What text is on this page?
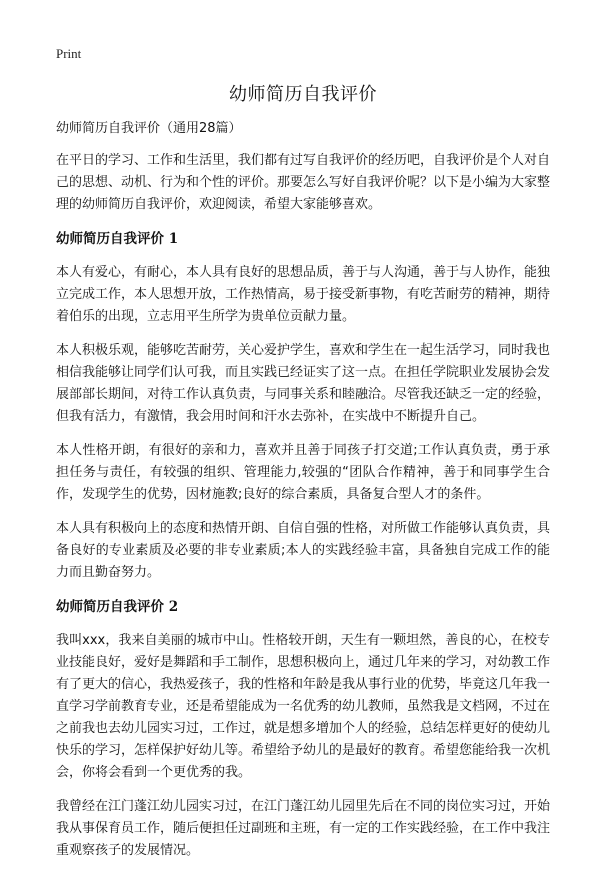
Print
幼师简历自我评价

幼师简历自我评价（通用28篇）

在平日的学习、工作和生活里，我们都有过写自我评价的经历吧，自我评价是个人对自己的思想、动机、行为和个性的评价。那要怎么写好自我评价呢？以下是小编为大家整理的幼师简历自我评价，欢迎阅读，希望大家能够喜欢。

幼师简历自我评价 1

本人有爱心，有耐心，本人具有良好的思想品质，善于与人沟通，善于与人协作，能独立完成工作，本人思想开放，工作热情高，易于接受新事物，有吃苦耐劳的精神，期待着伯乐的出现，立志用平生所学为贵单位贡献力量。

本人积极乐观，能够吃苦耐劳，关心爱护学生，喜欢和学生在一起生活学习，同时我也相信我能够让同学们认可我，而且实践已经证实了这一点。在担任学院职业发展协会发展部部长期间，对待工作认真负责，与同事关系和睦融洽。尽管我还缺乏一定的经验，但我有活力，有激情，我会用时间和汗水去弥补，在实战中不断提升自己。

本人性格开朗，有很好的亲和力，喜欢并且善于同孩子打交道;工作认真负责，勇于承担任务与责任，有较强的组织、管理能力,较强的“团队合作精神，善于和同事学生合作，发现学生的优势，因材施教;良好的综合素质，具备复合型人才的条件。

本人具有积极向上的态度和热情开朗、自信自强的性格，对所做工作能够认真负责，具备良好的专业素质及必要的非专业素质;本人的实践经验丰富，具备独自完成工作的能力而且勤奋努力。

幼师简历自我评价 2

我叫xxx，我来自美丽的城市中山。性格较开朗，天生有一颗坦然，善良的心，在校专业技能良好，爱好是舞蹈和手工制作，思想积极向上，通过几年来的学习，对幼教工作有了更大的信心，我热爱孩子，我的性格和年龄是我从事行业的优势，毕竟这几年我一直学习学前教育专业，还是希望能成为一名优秀的幼儿教师，虽然我是文档网，不过在之前我也去幼儿园实习过，工作过，就是想多增加个人的经验，总结怎样更好的使幼儿快乐的学习，怎样保护好幼儿等。希望给予幼儿的是最好的教育。希望您能给我一次机会，你将会看到一个更优秀的我。

我曾经在江门蓬江幼儿园实习过，在江门蓬江幼儿园里先后在不同的岗位实习过，开始我从事保育员工作，随后便担任过副班和主班，有一定的工作实践经验，在工作中我注重观察孩子的发展情况。
